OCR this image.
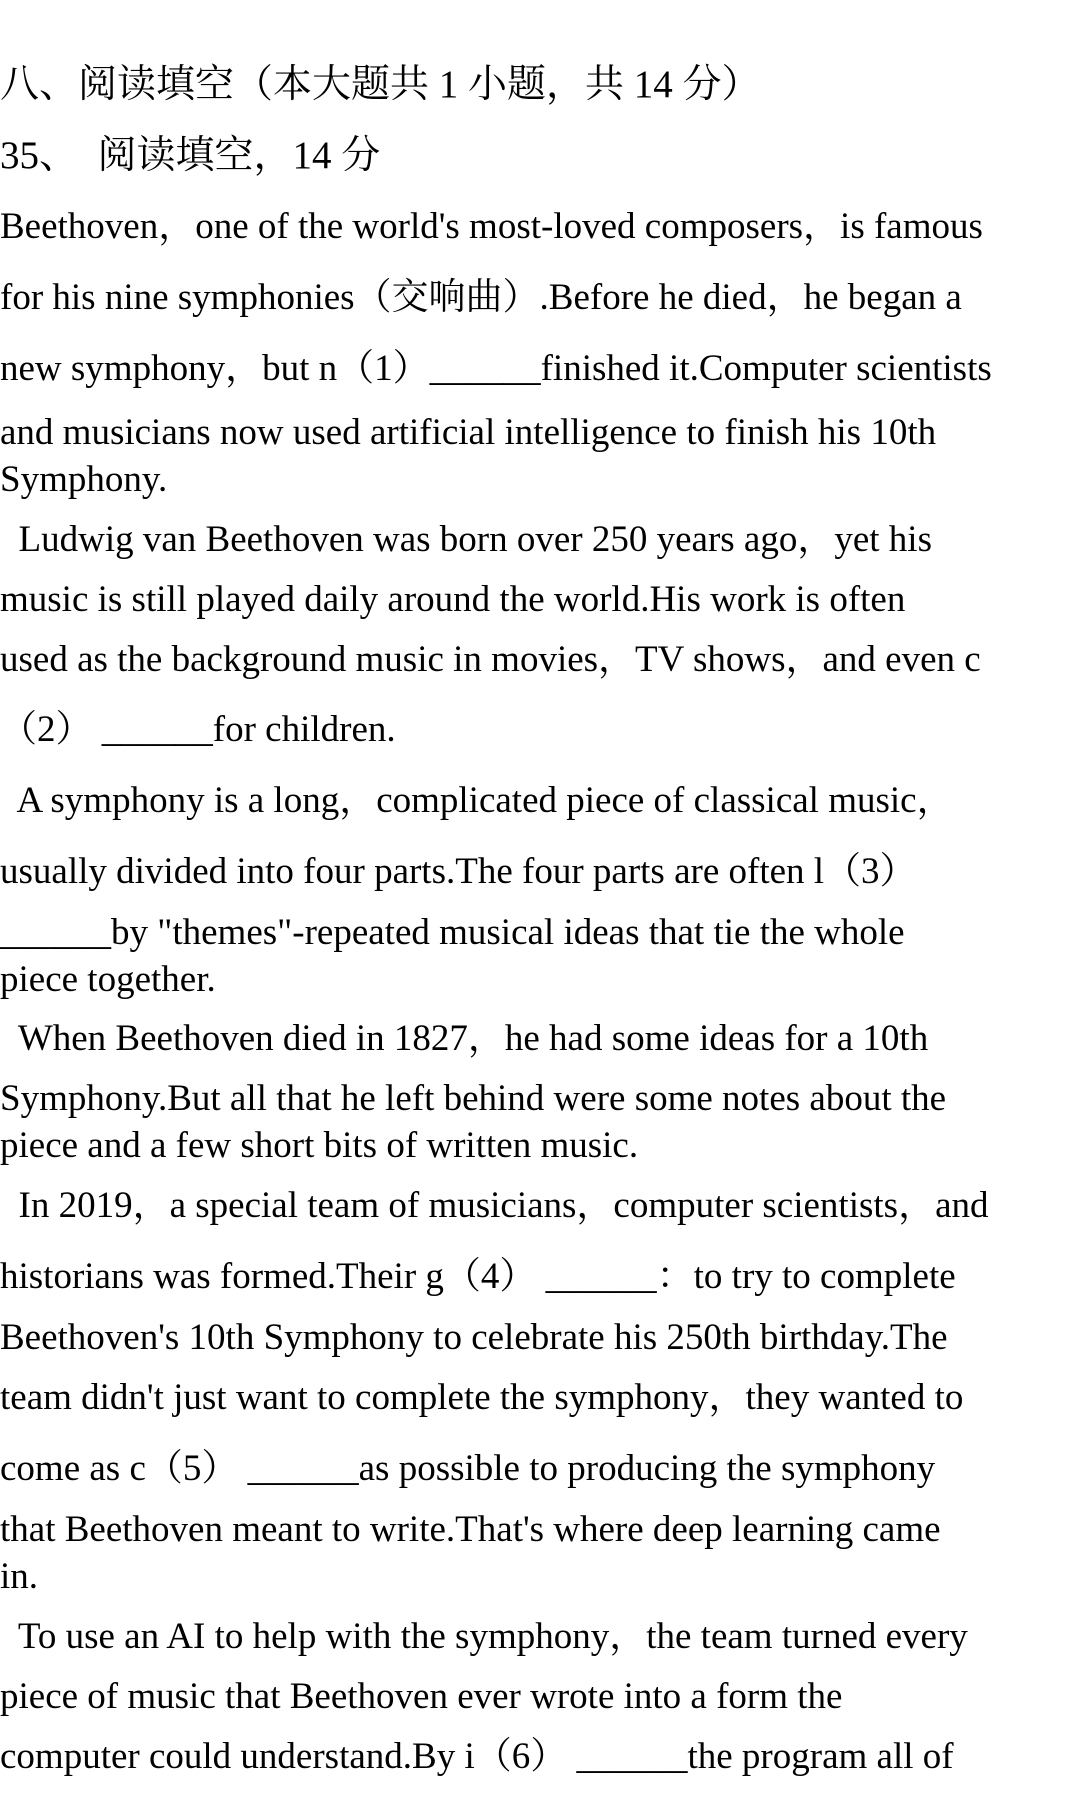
八、阅读填空（本大题共 1 小题，共 14 分）
35、  阅读填空，14 分
Beethoven，one of the world's most-loved composers，is famous
for his nine symphonies（交响曲）.Before he died，he began a
new symphony，but n（1）______finished it.Computer scientists
and musicians now used artificial intelligence to finish his 10th
Symphony.
Ludwig van Beethoven was born over 250 years ago，yet his
music is still played daily around the world.His work is often
used as the background music in movies，TV shows，and even c
（2） ______for children.
A symphony is a long，complicated piece of classical music，
usually divided into four parts.The four parts are often l（3）
______by "themes"-repeated musical ideas that tie the whole
piece together.
When Beethoven died in 1827，he had some ideas for a 10th
Symphony.But all that he left behind were some notes about the
piece and a few short bits of written music.
In 2019，a special team of musicians，computer scientists，and
historians was formed.Their g（4） ______：to try to complete
Beethoven's 10th Symphony to celebrate his 250th birthday.The
team didn't just want to complete the symphony，they wanted to
come as c（5） ______as possible to producing the symphony
that Beethoven meant to write.That's where deep learning came
in.
To use an AI to help with the symphony，the team turned every
piece of music that Beethoven ever wrote into a form the
computer could understand.By i（6） ______the program all of
